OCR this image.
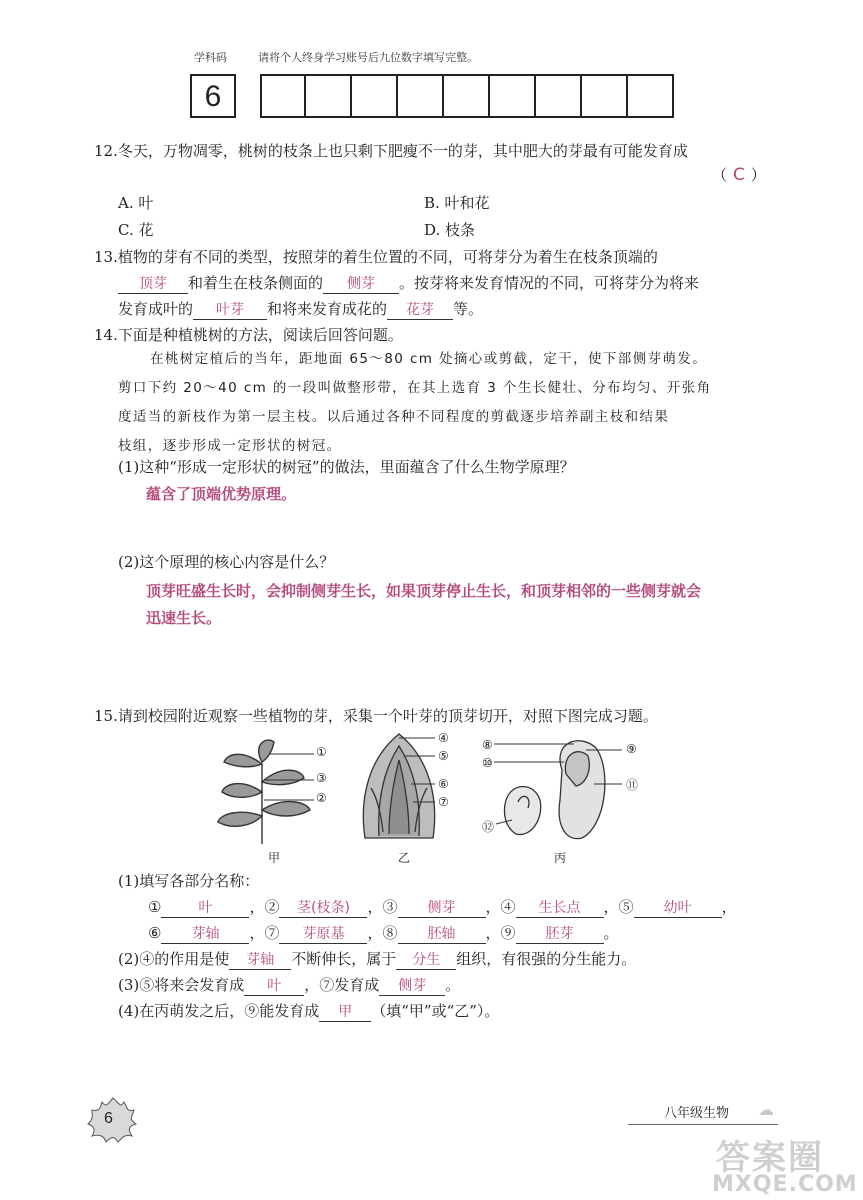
学科码	请将个人终身学习账号后九位数字填写完整。
6
12.冬天，万物凋零，桃树的枝条上也只剩下肥瘦不一的芽，其中肥大的芽最有可能发育成
（ C ）
A. 叶	B. 叶和花
C. 花	D. 枝条
13.植物的芽有不同的类型，按照芽的着生位置的不同，可将芽分为着生在枝条顶端的
顶芽 和着生在枝条侧面的 侧芽 。按芽将来发育情况的不同，可将芽分为将来
发育成叶的 叶芽 和将来发育成花的 花芽 等。
14.下面是种植桃树的方法，阅读后回答问题。
在桃树定植后的当年，距地面 65～80 cm 处摘心或剪截，定干，使下部侧芽萌发。
剪口下约 20～40 cm 的一段叫做整形带，在其上选育 3 个生长健壮、分布均匀、开张角
度适当的新枝作为第一层主枝。以后通过各种不同程度的剪截逐步培养副主枝和结果
枝组，逐步形成一定形状的树冠。
(1)这种“形成一定形状的树冠”的做法，里面蕴含了什么生物学原理？
蕴含了顶端优势原理。
(2)这个原理的核心内容是什么？
顶芽旺盛生长时，会抑制侧芽生长，如果顶芽停止生长，和顶芽相邻的一些侧芽就会
迅速生长。
15.请到校园附近观察一些植物的芽，采集一个叶芽的顶芽切开，对照下图完成习题。
①
③
②
④
⑤
⑥
⑦
⑧	⑨
⑩
⑪
⑫
甲	乙	丙
(1)填写各部分名称：
①	叶 ，② 茎(枝条) ，③ 侧芽 ，④ 生长点 ，⑤ 幼叶 ，
⑥ 芽轴 ，⑦ 芽原基 ，⑧ 胚轴 ，⑨ 胚芽 。
(2)④的作用是使 芽轴 不断伸长，属于 分生 组织，有很强的分生能力。
(3)⑤将来会发育成 叶 ，⑦发育成 侧芽 。
(4)在丙萌发之后，⑨能发育成 甲 （填“甲”或“乙”）。
6	八年级生物 ☁
答案圈
MXQE.COM
